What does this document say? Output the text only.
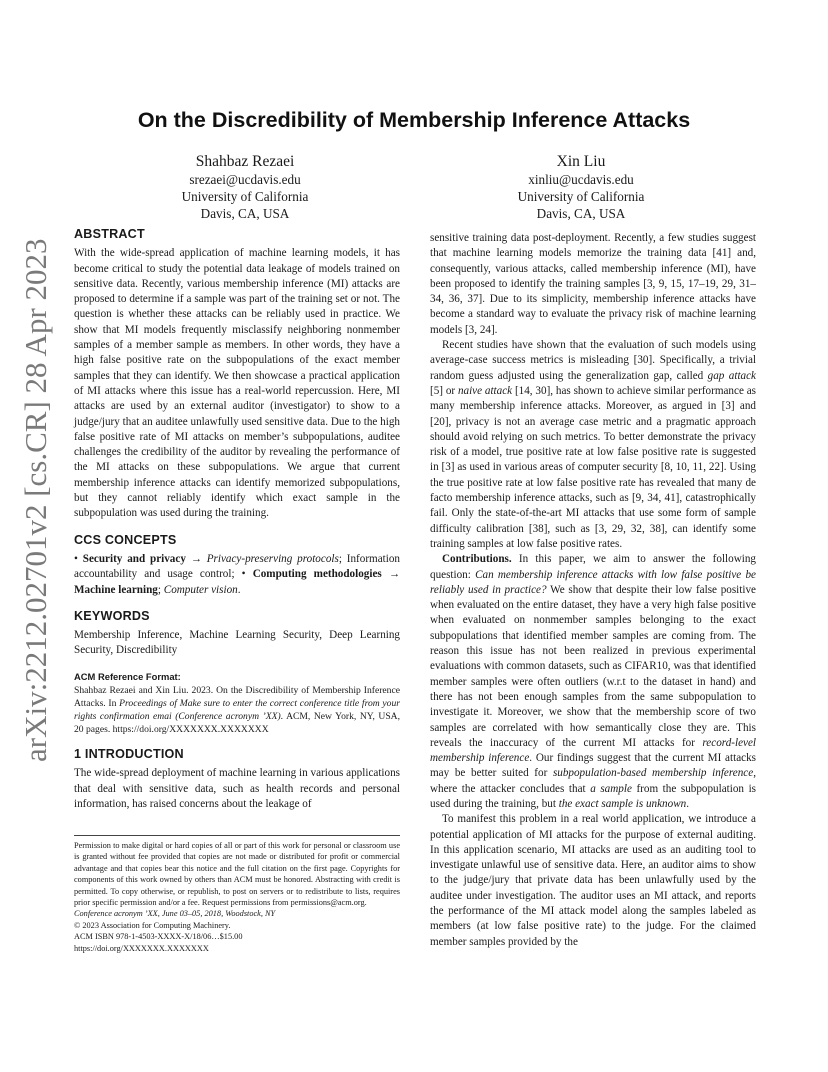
arXiv:2212.02701v2 [cs.CR] 28 Apr 2023
On the Discredibility of Membership Inference Attacks
Shahbaz Rezaei
srezaei@ucdavis.edu
University of California
Davis, CA, USA
Xin Liu
xinliu@ucdavis.edu
University of California
Davis, CA, USA
ABSTRACT

With the wide-spread application of machine learning models, it has become critical to study the potential data leakage of models trained on sensitive data. Recently, various membership inference (MI) attacks are proposed to determine if a sample was part of the training set or not. The question is whether these attacks can be reliably used in practice. We show that MI models frequently misclassify neighboring nonmember samples of a member sample as members. In other words, they have a high false positive rate on the subpopulations of the exact member samples that they can identify. We then showcase a practical application of MI attacks where this issue has a real-world repercussion. Here, MI attacks are used by an external auditor (investigator) to show to a judge/jury that an auditee unlawfully used sensitive data. Due to the high false positive rate of MI attacks on member’s subpopulations, auditee challenges the credibility of the auditor by revealing the performance of the MI attacks on these subpopulations. We argue that current membership inference attacks can identify memorized subpopulations, but they cannot reliably identify which exact sample in the subpopulation was used during the training.

CCS CONCEPTS

• Security and privacy → Privacy-preserving protocols; Information accountability and usage control; • Computing methodologies → Machine learning; Computer vision.

KEYWORDS

Membership Inference, Machine Learning Security, Deep Learning Security, Discredibility

ACM Reference Format:

Shahbaz Rezaei and Xin Liu. 2023. On the Discredibility of Membership Inference Attacks. In Proceedings of Make sure to enter the correct conference title from your rights confirmation emai (Conference acronym ’XX). ACM, New York, NY, USA, 20 pages. https://doi.org/XXXXXXX.XXXXXXX

1 INTRODUCTION

The wide-spread deployment of machine learning in various applications that deal with sensitive data, such as health records and personal information, has raised concerns about the leakage of

Permission to make digital or hard copies of all or part of this work for personal or classroom use is granted without fee provided that copies are not made or distributed for profit or commercial advantage and that copies bear this notice and the full citation on the first page. Copyrights for components of this work owned by others than ACM must be honored. Abstracting with credit is permitted. To copy otherwise, or republish, to post on servers or to redistribute to lists, requires prior specific permission and/or a fee. Request permissions from permissions@acm.org.

Conference acronym ’XX, June 03–05, 2018, Woodstock, NY

© 2023 Association for Computing Machinery.

ACM ISBN 978-1-4503-XXXX-X/18/06…$15.00

https://doi.org/XXXXXXX.XXXXXXX

sensitive training data post-deployment. Recently, a few studies suggest that machine learning models memorize the training data [41] and, consequently, various attacks, called membership inference (MI), have been proposed to identify the training samples [3, 9, 15, 17–19, 29, 31–34, 36, 37]. Due to its simplicity, membership inference attacks have become a standard way to evaluate the privacy risk of machine learning models [3, 24].

Recent studies have shown that the evaluation of such models using average-case success metrics is misleading [30]. Specifically, a trivial random guess adjusted using the generalization gap, called gap attack [5] or naive attack [14, 30], has shown to achieve similar performance as many membership inference attacks. Moreover, as argued in [3] and [20], privacy is not an average case metric and a pragmatic approach should avoid relying on such metrics. To better demonstrate the privacy risk of a model, true positive rate at low false positive rate is suggested in [3] as used in various areas of computer security [8, 10, 11, 22]. Using the true positive rate at low false positive rate has revealed that many de facto membership inference attacks, such as [9, 34, 41], catastrophically fail. Only the state-of-the-art MI attacks that use some form of sample difficulty calibration [38], such as [3, 29, 32, 38], can identify some training samples at low false positive rates.

Contributions. In this paper, we aim to answer the following question: Can membership inference attacks with low false positive be reliably used in practice? We show that despite their low false positive when evaluated on the entire dataset, they have a very high false positive when evaluated on nonmember samples belonging to the exact subpopulations that identified member samples are coming from. The reason this issue has not been realized in previous experimental evaluations with common datasets, such as CIFAR10, was that identified member samples were often outliers (w.r.t to the dataset in hand) and there has not been enough samples from the same subpopulation to investigate it. Moreover, we show that the membership score of two samples are correlated with how semantically close they are. This reveals the inaccuracy of the current MI attacks for record-level membership inference. Our findings suggest that the current MI attacks may be better suited for subpopulation-based membership inference, where the attacker concludes that a sample from the subpopulation is used during the training, but the exact sample is unknown.

To manifest this problem in a real world application, we introduce a potential application of MI attacks for the purpose of external auditing. In this application scenario, MI attacks are used as an auditing tool to investigate unlawful use of sensitive data. Here, an auditor aims to show to the judge/jury that private data has been unlawfully used by the auditee under investigation. The auditor uses an MI attack, and reports the performance of the MI attack model along the samples labeled as members (at low false positive rate) to the judge. For the claimed member samples provided by the
